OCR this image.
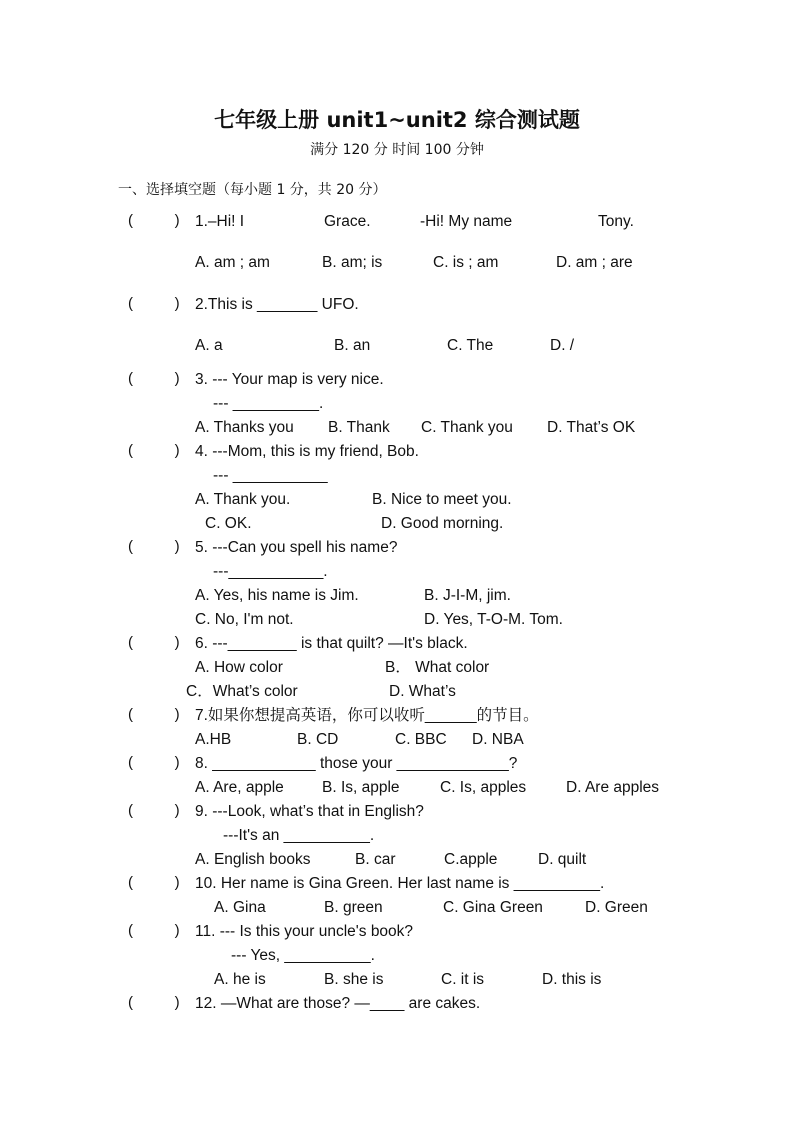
七年级上册 unit1~unit2 综合测试题
满分 120 分 时间 100 分钟
一、选择填空题（每小题 1 分，共 20 分）
(          ) 1.–Hi! I	Grace.	-Hi! My name	Tony.
A. am ; am	B. am; is	C. is ; am	D. am ; are
(          ) 2.This is _______ UFO.
A. a	B. an	C. The	D. /
(          ) 3. --- Your map is very nice.
--- __________.
A. Thanks you B. Thank C. Thank you D. That’s OK
(          ) 4. ---Mom, this is my friend, Bob.
--- ___________
A. Thank you.	B. Nice to meet you.
C. OK.	D. Good morning.
(          ) 5. ---Can you spell his name?
---___________.
A. Yes, his name is Jim.	B. J-I-M, jim.
C. No, I'm not.	D. Yes, T-O-M. Tom.
(          ) 6. ---________ is that quilt? —It's black.
A. How color	B． What color
C．What’s color	D. What’s
(          ) 7.如果你想提高英语，你可以收听______的节目。
A.HB	B. CD	C. BBC D. NBA
(          ) 8. ____________ those your _____________?
A. Are, apple B. Is, apple	C. Is, apples	D. Are apples
(          ) 9. ---Look, what’s that in English?
---It's an __________.
A. English books	B. car	C.apple	D. quilt
(          ) 10. Her name is Gina Green. Her last name is __________.
A. Gina	B. green	C. Gina Green	D. Green
(          ) 11. --- Is this your uncle's book?
--- Yes, __________.
A. he is	B. she is	C. it is	D. this is
(          ) 12. —What are those? —____ are cakes.
